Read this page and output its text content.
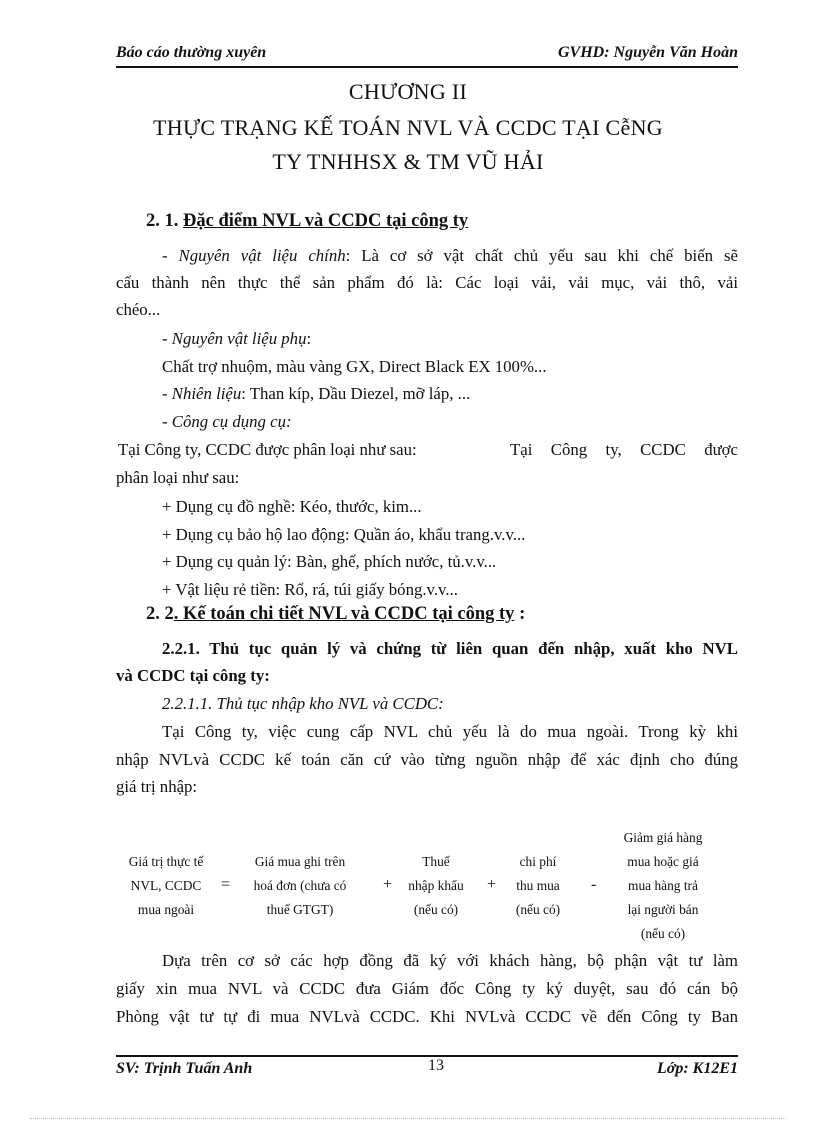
Báo cáo thường xuyên	GVHD: Nguyễn Văn Hoàn
CHƯƠNG II
THỰC TRẠNG KẾ TOÁN NVL VÀ CCDC TẠI CễNG
TY TNHHSX & TM VŨ HẢI
2. 1. Đặc điểm NVL và CCDC tại công ty
- Nguyên vật liệu chính: Là cơ sở vật chất chủ yếu sau khi chế biến sẽ
cấu thành nên thực thể sản phẩm đó là: Các loại vải, vải mục, vải thô, vải
chéo...
- Nguyên vật liệu phụ:
Chất trợ nhuộm, màu vàng GX, Direct Black EX 100%...
- Nhiên liệu: Than kíp, Dầu Diezel, mỡ láp, ...
- Công cụ dụng cụ:
Tại Công ty, CCDC được phân loại như sau:	Tại Công ty, CCDC được
phân loại như sau:
+ Dụng cụ đồ nghề: Kéo, thước, kim...
+ Dụng cụ bảo hộ lao động: Quần áo, khẩu trang.v.v...
+ Dụng cụ quản lý: Bàn, ghế, phích nước, tủ.v.v...
+ Vật liệu rẻ tiền: Rổ, rá, túi giấy bóng.v.v...
2. 2. Kế toán chi tiết NVL và CCDC tại công ty :
2.2.1. Thủ tục quản lý và chứng từ liên quan đến nhập, xuất kho NVL
và CCDC tại công ty:
2.2.1.1. Thủ tục nhập kho NVL và CCDC:
Tại Công ty, việc cung cấp NVL chủ yếu là do mua ngoài. Trong kỳ khi
nhập NVLvà CCDC kế toán căn cứ vào từng nguồn nhập để xác định cho đúng
giá trị nhập:
Giá trị thực tế
NVL, CCDC
mua ngoài
=
Giá mua ghi trên
hoá đơn (chưa có
thuế GTGT)
+
Thuế
nhập khẩu
(nếu có)
+
chi phí
thu mua
(nếu có)
-
Giảm giá hàng
mua hoặc giá
mua hàng trả
lại người bán
(nếu có)
Dựa trên cơ sở các hợp đồng đã ký với khách hàng, bộ phận vật tư làm
giấy xin mua NVL và CCDC đưa Giám đốc Công ty ký duyệt, sau đó cán bộ
Phòng vật tư tự đi mua NVLvà CCDC. Khi NVLvà CCDC về đến Công ty Ban
SV: Trịnh Tuấn Anh	13	Lớp: K12E1
